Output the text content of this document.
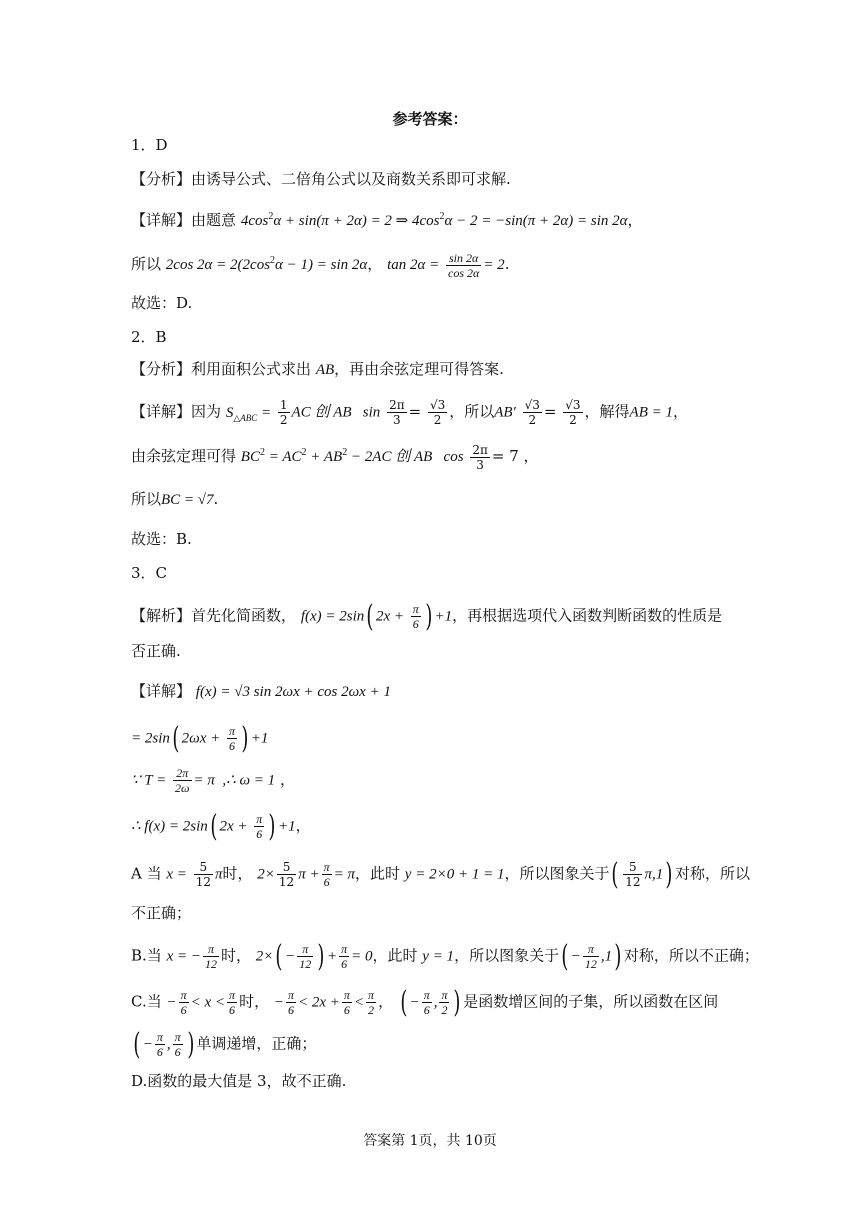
参考答案：
1．D
【分析】由诱导公式、二倍角公式以及商数关系即可求解.
【详解】由题意 $4\cos^2\alpha + \sin(\pi + 2\alpha) = 2$ ⇒ $4\cos^2\alpha - 2 = -\sin(\pi + 2\alpha) = \sin 2\alpha$，
所以 2cos $2\alpha = 2(2\cos^2\alpha - 1) = \sin 2\alpha$， $\tan 2\alpha = \frac{\sin 2\alpha}{\cos 2\alpha} = 2$.
故选：D.
2．B
【分析】利用面积公式求出 AB，再由余弦定理可得答案.
【详解】因为 $S_{\triangle ABC} = \frac{1}{2}$ AC 创 AB   $\sin \frac{2\pi}{3} = \frac{√3}{2}$ ，所以$AB' \frac{√3}{2} = \frac{√3}{2}$ ，解得AB = 1，
由余弦定理可得 $BC^2 = AC^2 + AB^2 - 2AC$ 创 AB   $\cos \frac{2\pi}{3} = 7$ ，
所以BC = √7.
故选：B.
3．C
【解析】首先化简函数， f(x) = 2sin( $2x + \frac{\pi}{6}$ ) +1，再根据选项代入函数判断函数的性质是
否正确.
【详解】 f(x) = √3 sin 2ωx + cos 2ωx + 1
= 2sin( $2\omega x + \frac{\pi}{6}$ ) +1
∵ $T = \frac{2\pi}{2\omega} = \pi$  ,∴ ω = 1 ，
∴ f(x) = 2sin( $2x + \frac{\pi}{6}$ ) +1，
A 当 $x = \frac{5}{12}$ π时， $2\times \frac{5}{12}$ $\pi + \frac{\pi}{6} = \pi$，此时 y = 2×0 + 1 = 1，所以图象关于( $\frac{5}{12} \pi,1$) 对称，所以
不正确；
B.当 x = − $\frac{\pi}{12}$ 时， $2\times( - \frac{\pi}{12}$ ) + $\frac{\pi}{6} = 0$，此时 y = 1，所以图象关于( − $\frac{\pi}{12} ,1$) 对称，所以不正确；
C.当 − $\frac{\pi}{6} < x < \frac{\pi}{6}$ 时， − $\frac{\pi}{6} < 2x + \frac{\pi}{6} < \frac{\pi}{2}$ ， ( − $\frac{\pi}{6}$ , $\frac{\pi}{2}$ ) 是函数增区间的子集，所以函数在区间
( − $\frac{\pi}{6}$ , $\frac{\pi}{6}$ ) 单调递增，正确；
D.函数的最大值是 3，故不正确.
答案第 1页，共 10页
